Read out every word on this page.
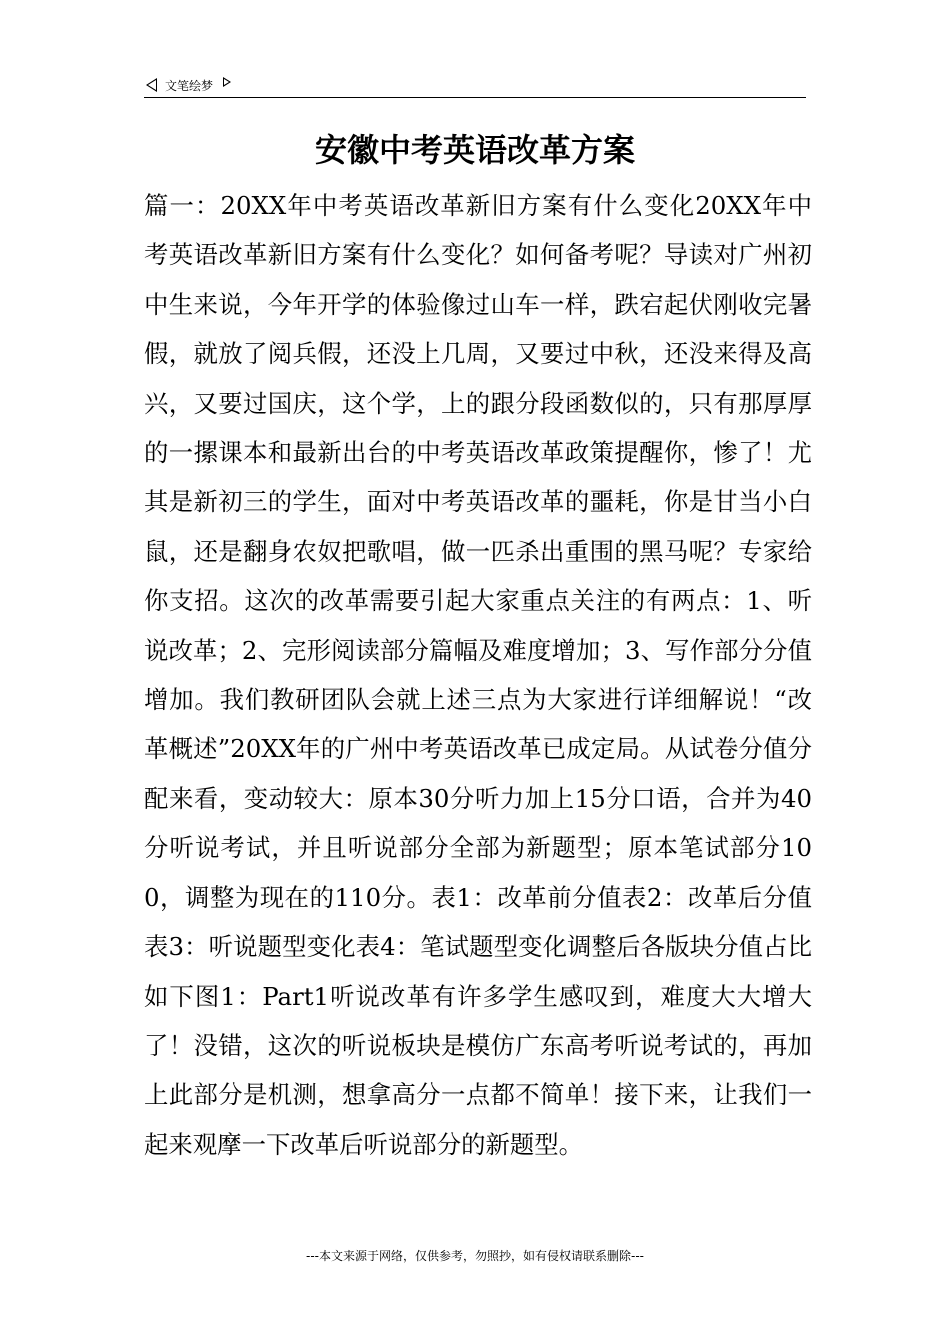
文笔绘梦
安徽中考英语改革方案

篇一：20XX年中考英语改革新旧方案有什么变化20XX年中考英语改革新旧方案有什么变化？如何备考呢？导读对广州初中生来说，今年开学的体验像过山车一样，跌宕起伏刚收完暑假，就放了阅兵假，还没上几周，又要过中秋，还没来得及高兴，又要过国庆，这个学，上的跟分段函数似的，只有那厚厚的一摞课本和最新出台的中考英语改革政策提醒你，惨了！尤其是新初三的学生，面对中考英语改革的噩耗，你是甘当小白鼠，还是翻身农奴把歌唱，做一匹杀出重围的黑马呢？专家给你支招。这次的改革需要引起大家重点关注的有两点：1、听说改革；2、完形阅读部分篇幅及难度增加；3、写作部分分值增加。我们教研团队会就上述三点为大家进行详细解说！“改革概述”20XX年的广州中考英语改革已成定局。从试卷分值分配来看，变动较大：原本30分听力加上15分口语，合并为40分听说考试，并且听说部分全部为新题型；原本笔试部分100，调整为现在的110分。表1：改革前分值表2：改革后分值表3：听说题型变化表4：笔试题型变化调整后各版块分值占比如下图1：Part1听说改革有许多学生感叹到，难度大大增大了！没错，这次的听说板块是模仿广东高考听说考试的，再加上此部分是机测，想拿高分一点都不简单！接下来，让我们一起来观摩一下改革后听说部分的新题型。

---本文来源于网络，仅供参考，勿照抄，如有侵权请联系删除---
